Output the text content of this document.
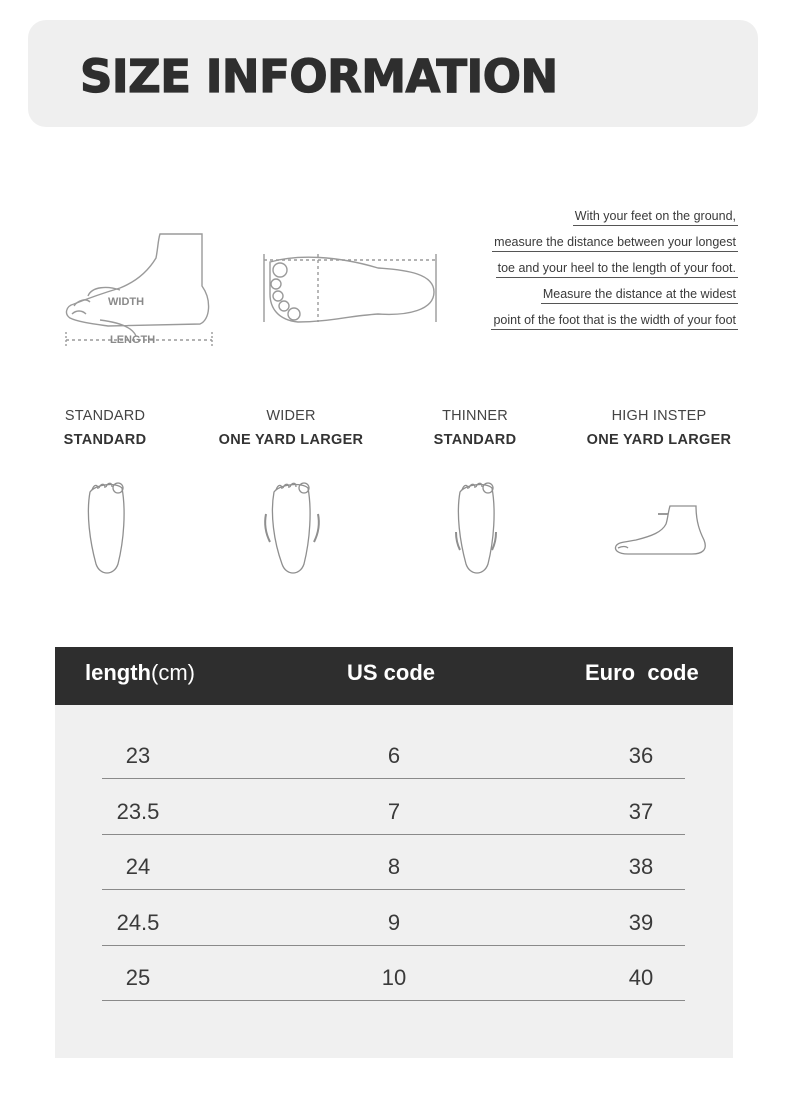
SIZE INFORMATION
WIDTH
LENGTH
With your feet on the ground,
measure the distance between your longest
toe and your heel to the length of your foot.
Measure the distance at the widest
point of the foot that is the width of your foot
STANDARD
STANDARD
WIDER
ONE YARD LARGER
THINNER
STANDARD
HIGH INSTEP
ONE YARD LARGER
length(cm)	US code	Euro  code
23	6	36
23.5	7	37
24	8	38
24.5	9	39
25	10	40
